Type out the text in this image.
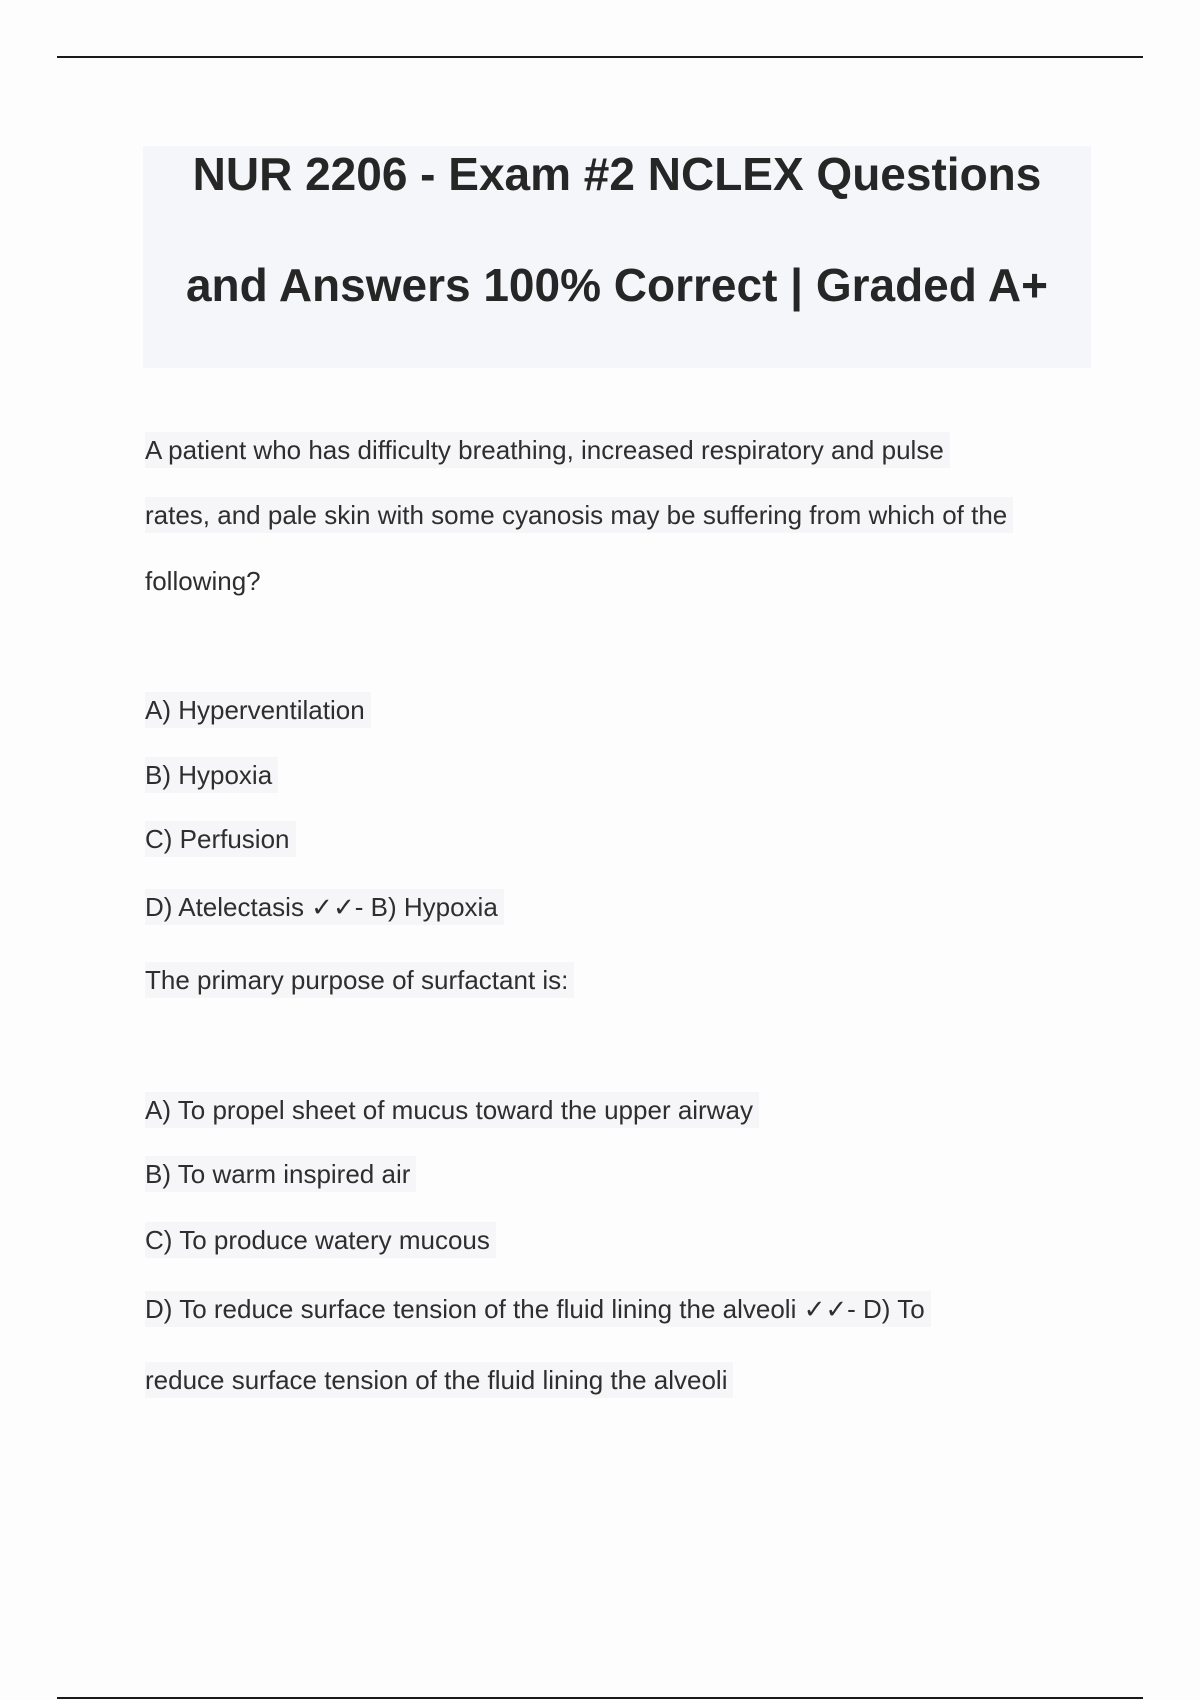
NUR 2206 - Exam #2 NCLEX Questions
and Answers 100% Correct | Graded A+
A patient who has difficulty breathing, increased respiratory and pulse
rates, and pale skin with some cyanosis may be suffering from which of the
following?
A) Hyperventilation
B) Hypoxia
C) Perfusion
D) Atelectasis ✓✓- B) Hypoxia
The primary purpose of surfactant is:
A) To propel sheet of mucus toward the upper airway
B) To warm inspired air
C) To produce watery mucous
D) To reduce surface tension of the fluid lining the alveoli ✓✓- D) To
reduce surface tension of the fluid lining the alveoli
